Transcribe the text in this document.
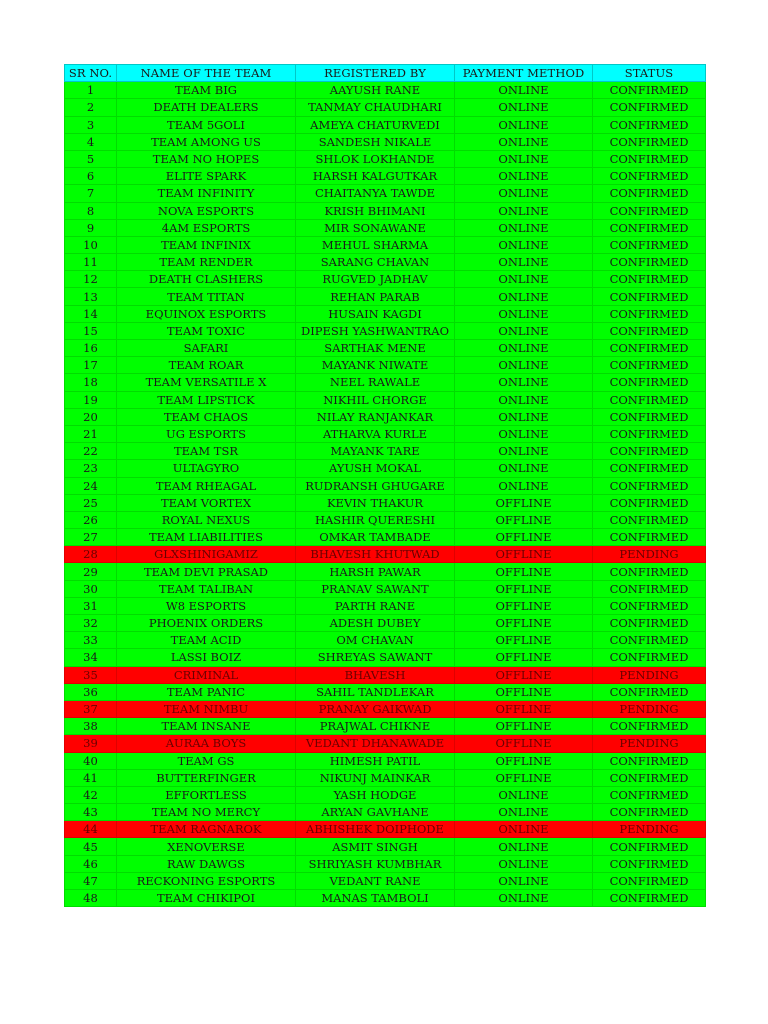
SR NO.	NAME OF THE TEAM	REGISTERED BY	PAYMENT METHOD	STATUS
1	TEAM BIG	AAYUSH RANE	ONLINE	CONFIRMED
2	DEATH DEALERS	TANMAY CHAUDHARI	ONLINE	CONFIRMED
3	TEAM 5GOLI	AMEYA CHATURVEDI	ONLINE	CONFIRMED
4	TEAM AMONG US	SANDESH NIKALE	ONLINE	CONFIRMED
5	TEAM NO HOPES	SHLOK LOKHANDE	ONLINE	CONFIRMED
6	ELITE SPARK	HARSH KALGUTKAR	ONLINE	CONFIRMED
7	TEAM INFINITY	CHAITANYA TAWDE	ONLINE	CONFIRMED
8	NOVA ESPORTS	KRISH BHIMANI	ONLINE	CONFIRMED
9	4AM ESPORTS	MIR SONAWANE	ONLINE	CONFIRMED
10	TEAM INFINIX	MEHUL SHARMA	ONLINE	CONFIRMED
11	TEAM RENDER	SARANG CHAVAN	ONLINE	CONFIRMED
12	DEATH CLASHERS	RUGVED JADHAV	ONLINE	CONFIRMED
13	TEAM TITAN	REHAN PARAB	ONLINE	CONFIRMED
14	EQUINOX ESPORTS	HUSAIN KAGDI	ONLINE	CONFIRMED
15	TEAM TOXIC	DIPESH YASHWANTRAO	ONLINE	CONFIRMED
16	SAFARI	SARTHAK MENE	ONLINE	CONFIRMED
17	TEAM ROAR	MAYANK NIWATE	ONLINE	CONFIRMED
18	TEAM VERSATILE X	NEEL RAWALE	ONLINE	CONFIRMED
19	TEAM LIPSTICK	NIKHIL CHORGE	ONLINE	CONFIRMED
20	TEAM CHAOS	NILAY RANJANKAR	ONLINE	CONFIRMED
21	UG ESPORTS	ATHARVA KURLE	ONLINE	CONFIRMED
22	TEAM TSR	MAYANK TARE	ONLINE	CONFIRMED
23	ULTAGYRO	AYUSH MOKAL	ONLINE	CONFIRMED
24	TEAM RHEAGAL	RUDRANSH GHUGARE	ONLINE	CONFIRMED
25	TEAM VORTEX	KEVIN THAKUR	OFFLINE	CONFIRMED
26	ROYAL NEXUS	HASHIR QUERESHI	OFFLINE	CONFIRMED
27	TEAM LIABILITIES	OMKAR TAMBADE	OFFLINE	CONFIRMED
28	GLXSHINIGAMIZ	BHAVESH KHUTWAD	OFFLINE	PENDING
29	TEAM DEVI PRASAD	HARSH PAWAR	OFFLINE	CONFIRMED
30	TEAM TALIBAN	PRANAV SAWANT	OFFLINE	CONFIRMED
31	W8 ESPORTS	PARTH RANE	OFFLINE	CONFIRMED
32	PHOENIX ORDERS	ADESH DUBEY	OFFLINE	CONFIRMED
33	TEAM ACID	OM CHAVAN	OFFLINE	CONFIRMED
34	LASSI BOIZ	SHREYAS SAWANT	OFFLINE	CONFIRMED
35	CRIMINAL	BHAVESH	OFFLINE	PENDING
36	TEAM PANIC	SAHIL TANDLEKAR	OFFLINE	CONFIRMED
37	TEAM NIMBU	PRANAY GAIKWAD	OFFLINE	PENDING
38	TEAM INSANE	PRAJWAL CHIKNE	OFFLINE	CONFIRMED
39	AURAA BOYS	VEDANT DHANAWADE	OFFLINE	PENDING
40	TEAM GS	HIMESH PATIL	OFFLINE	CONFIRMED
41	BUTTERFINGER	NIKUNJ MAINKAR	OFFLINE	CONFIRMED
42	EFFORTLESS	YASH HODGE	ONLINE	CONFIRMED
43	TEAM NO MERCY	ARYAN GAVHANE	ONLINE	CONFIRMED
44	TEAM RAGNAROK	ABHISHEK DOIPHODE	ONLINE	PENDING
45	XENOVERSE	ASMIT SINGH	ONLINE	CONFIRMED
46	RAW DAWGS	SHRIYASH KUMBHAR	ONLINE	CONFIRMED
47	RECKONING ESPORTS	VEDANT RANE	ONLINE	CONFIRMED
48	TEAM CHIKIPOI	MANAS TAMBOLI	ONLINE	CONFIRMED
